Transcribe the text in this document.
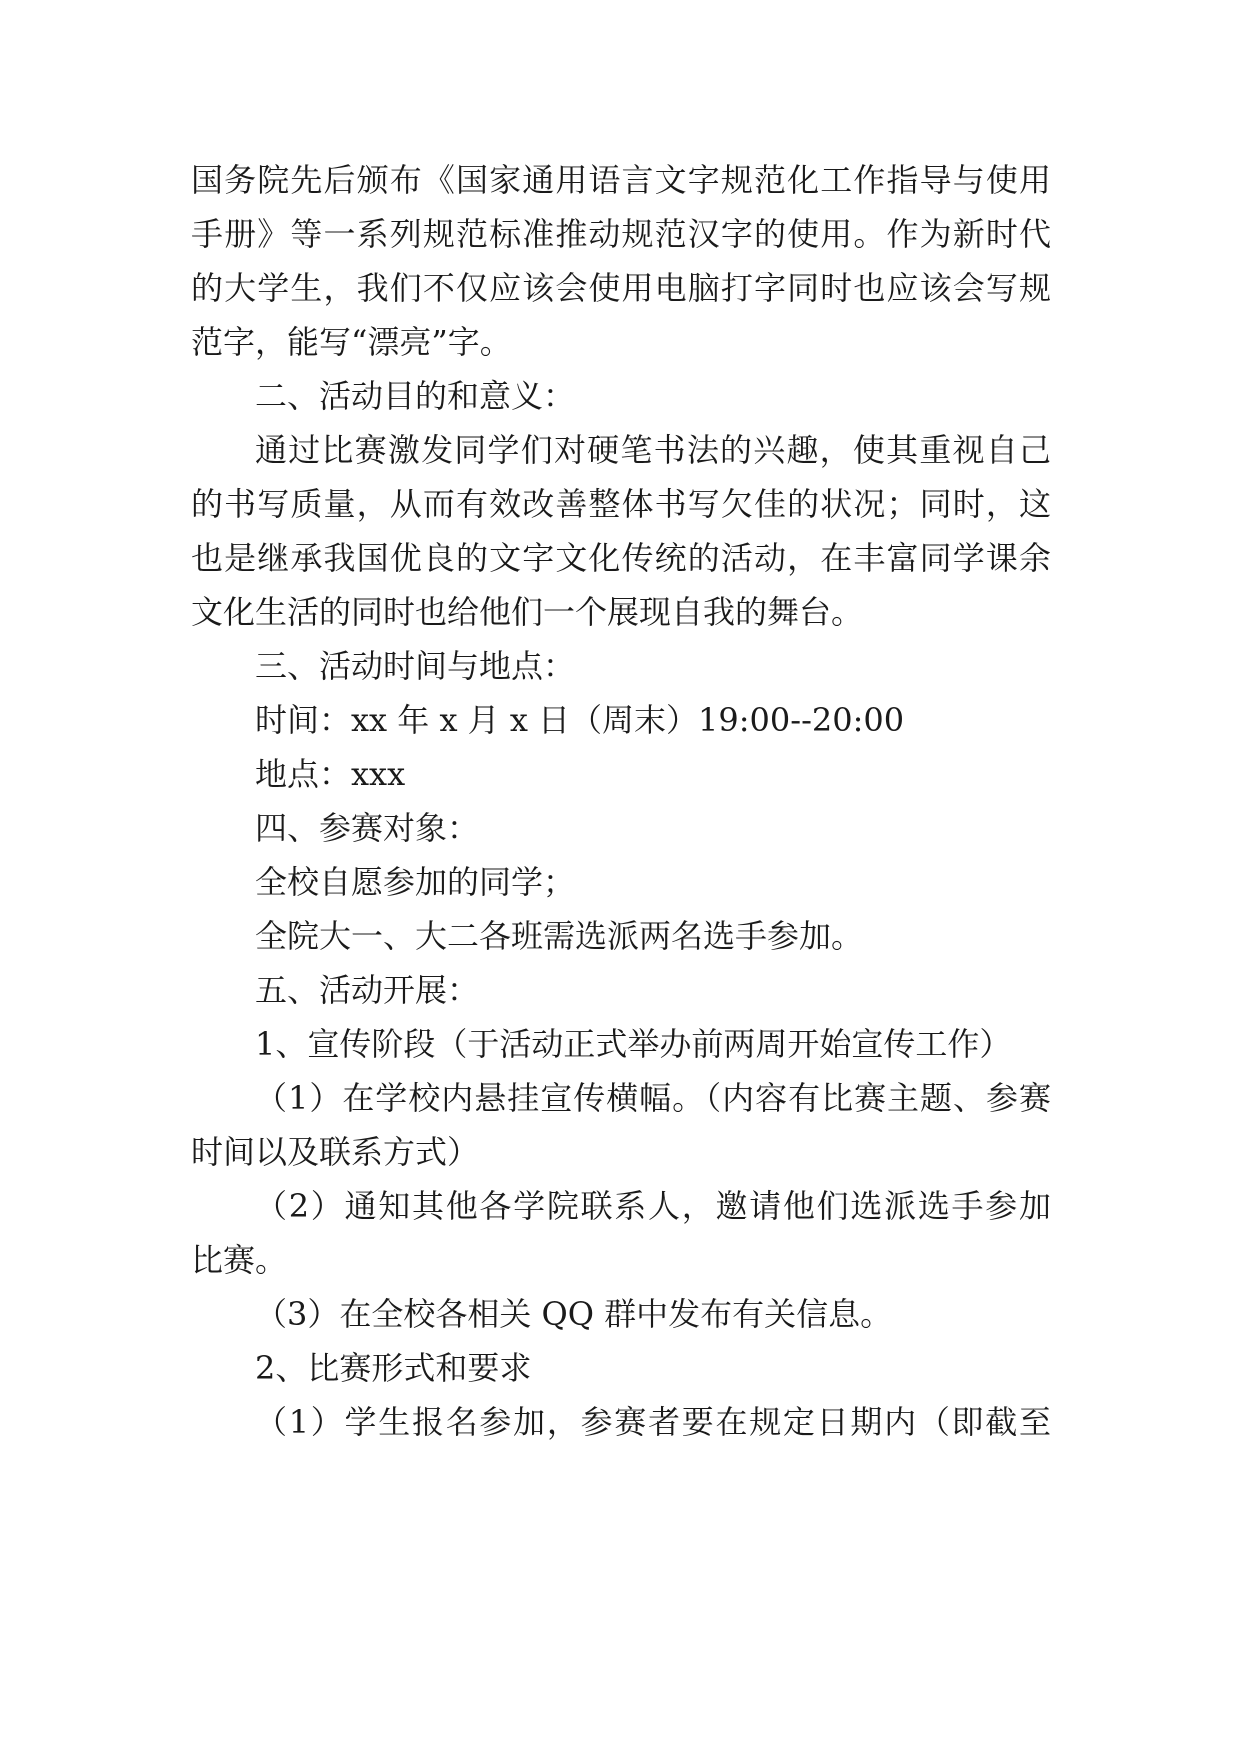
国务院先后颁布《国家通用语言文字规范化工作指导与使用
手册》等一系列规范标准推动规范汉字的使用。作为新时代
的大学生，我们不仅应该会使用电脑打字同时也应该会写规
范字，能写“漂亮”字。
二、活动目的和意义：
通过比赛激发同学们对硬笔书法的兴趣，使其重视自己
的书写质量，从而有效改善整体书写欠佳的状况；同时，这
也是继承我国优良的文字文化传统的活动，在丰富同学课余
文化生活的同时也给他们一个展现自我的舞台。
三、活动时间与地点：
时间：xx 年 x 月 x 日（周末）19:00--20:00
地点：xxx
四、参赛对象：
全校自愿参加的同学；
全院大一、大二各班需选派两名选手参加。
五、活动开展：
1、宣传阶段（于活动正式举办前两周开始宣传工作）
（1）在学校内悬挂宣传横幅。（内容有比赛主题、参赛
时间以及联系方式）
（2）通知其他各学院联系人，邀请他们选派选手参加
比赛。
（3）在全校各相关 QQ 群中发布有关信息。
2、比赛形式和要求
（1）学生报名参加，参赛者要在规定日期内（即截至
